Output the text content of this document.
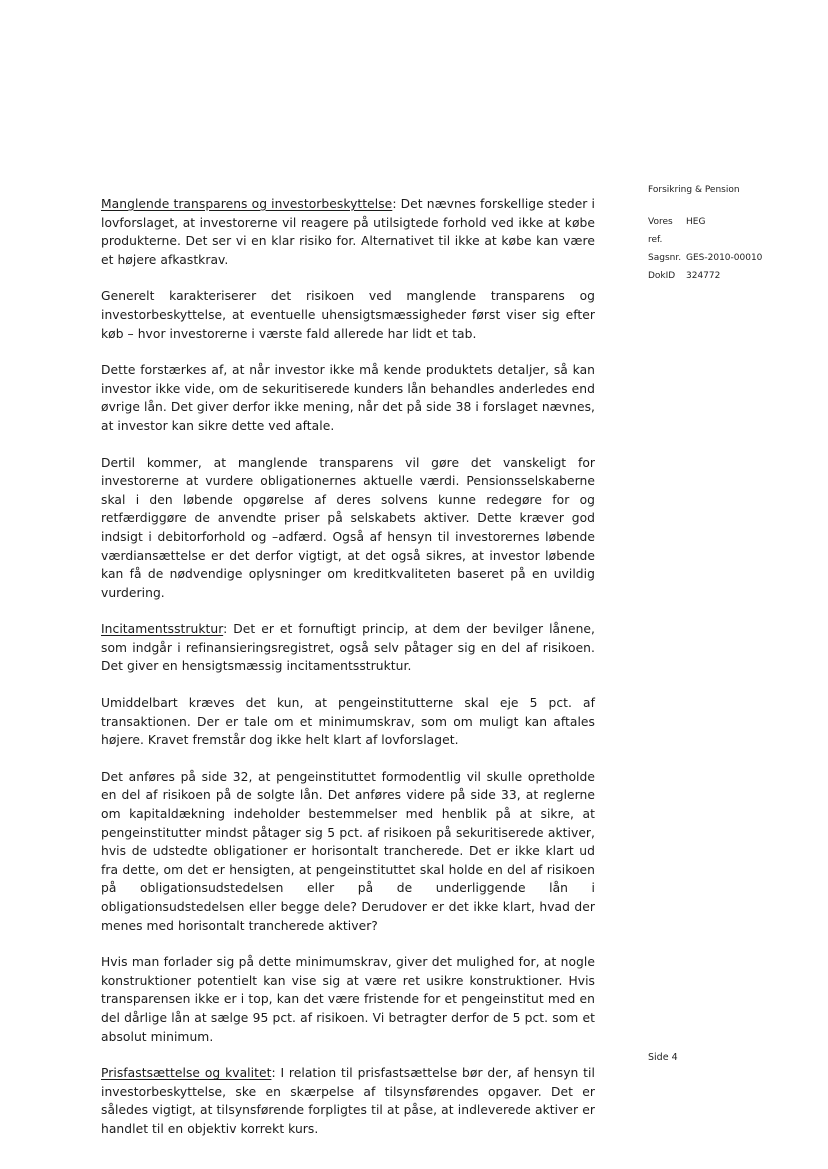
Forsikring & Pension
Vores ref.
HEG
Sagsnr. GES-2010-00010
DokID	324772

Manglende transparens og investorbeskyttelse: Det nævnes forskellige steder i lovforslaget, at investorerne vil reagere på utilsigtede forhold ved ikke at købe produkterne. Det ser vi en klar risiko for. Alternativet til ikke at købe kan være et højere afkastkrav.

Generelt karakteriserer det risikoen ved manglende transparens og investorbeskyttelse, at eventuelle uhensigtsmæssigheder først viser sig efter køb – hvor investorerne i værste fald allerede har lidt et tab.

Dette forstærkes af, at når investor ikke må kende produktets detaljer, så kan investor ikke vide, om de sekuritiserede kunders lån behandles anderledes end øvrige lån. Det giver derfor ikke mening, når det på side 38 i forslaget nævnes, at investor kan sikre dette ved aftale.

Dertil kommer, at manglende transparens vil gøre det vanskeligt for investorerne at vurdere obligationernes aktuelle værdi. Pensionsselskaberne skal i den løbende opgørelse af deres solvens kunne redegøre for og retfærdiggøre de anvendte priser på selskabets aktiver. Dette kræver god indsigt i debitorforhold og –adfærd. Også af hensyn til investorernes løbende værdiansættelse er det derfor vigtigt, at det også sikres, at investor løbende kan få de nødvendige oplysninger om kreditkvaliteten baseret på en uvildig vurdering.

Incitamentsstruktur: Det er et fornuftigt princip, at dem der bevilger lånene, som indgår i refinansieringsregistret, også selv påtager sig en del af risikoen. Det giver en hensigtsmæssig incitamentsstruktur.

Umiddelbart kræves det kun, at pengeinstitutterne skal eje 5 pct. af transaktionen. Der er tale om et minimumskrav, som om muligt kan aftales højere. Kravet fremstår dog ikke helt klart af lovforslaget.

Det anføres på side 32, at pengeinstituttet formodentlig vil skulle opretholde en del af risikoen på de solgte lån. Det anføres videre på side 33, at reglerne om kapitaldækning indeholder bestemmelser med henblik på at sikre, at pengeinstitutter mindst påtager sig 5 pct. af risikoen på sekuritiserede aktiver, hvis de udstedte obligationer er horisontalt trancherede. Det er ikke klart ud fra dette, om det er hensigten, at pengeinstituttet skal holde en del af risikoen på obligationsudstedelsen eller på de underliggende lån i obligationsudstedelsen eller begge dele? Derudover er det ikke klart, hvad der menes med horisontalt trancherede aktiver?

Hvis man forlader sig på dette minimumskrav, giver det mulighed for, at nogle konstruktioner potentielt kan vise sig at være ret usikre konstruktioner. Hvis transparensen ikke er i top, kan det være fristende for et pengeinstitut med en del dårlige lån at sælge 95 pct. af risikoen. Vi betragter derfor de 5 pct. som et absolut minimum.

Prisfastsættelse og kvalitet: I relation til prisfastsættelse bør der, af hensyn til investorbeskyttelse, ske en skærpelse af tilsynsførendes opgaver. Det er således vigtigt, at tilsynsførende forpligtes til at påse, at indleverede aktiver er handlet til en objektiv korrekt kurs.

Side 4
